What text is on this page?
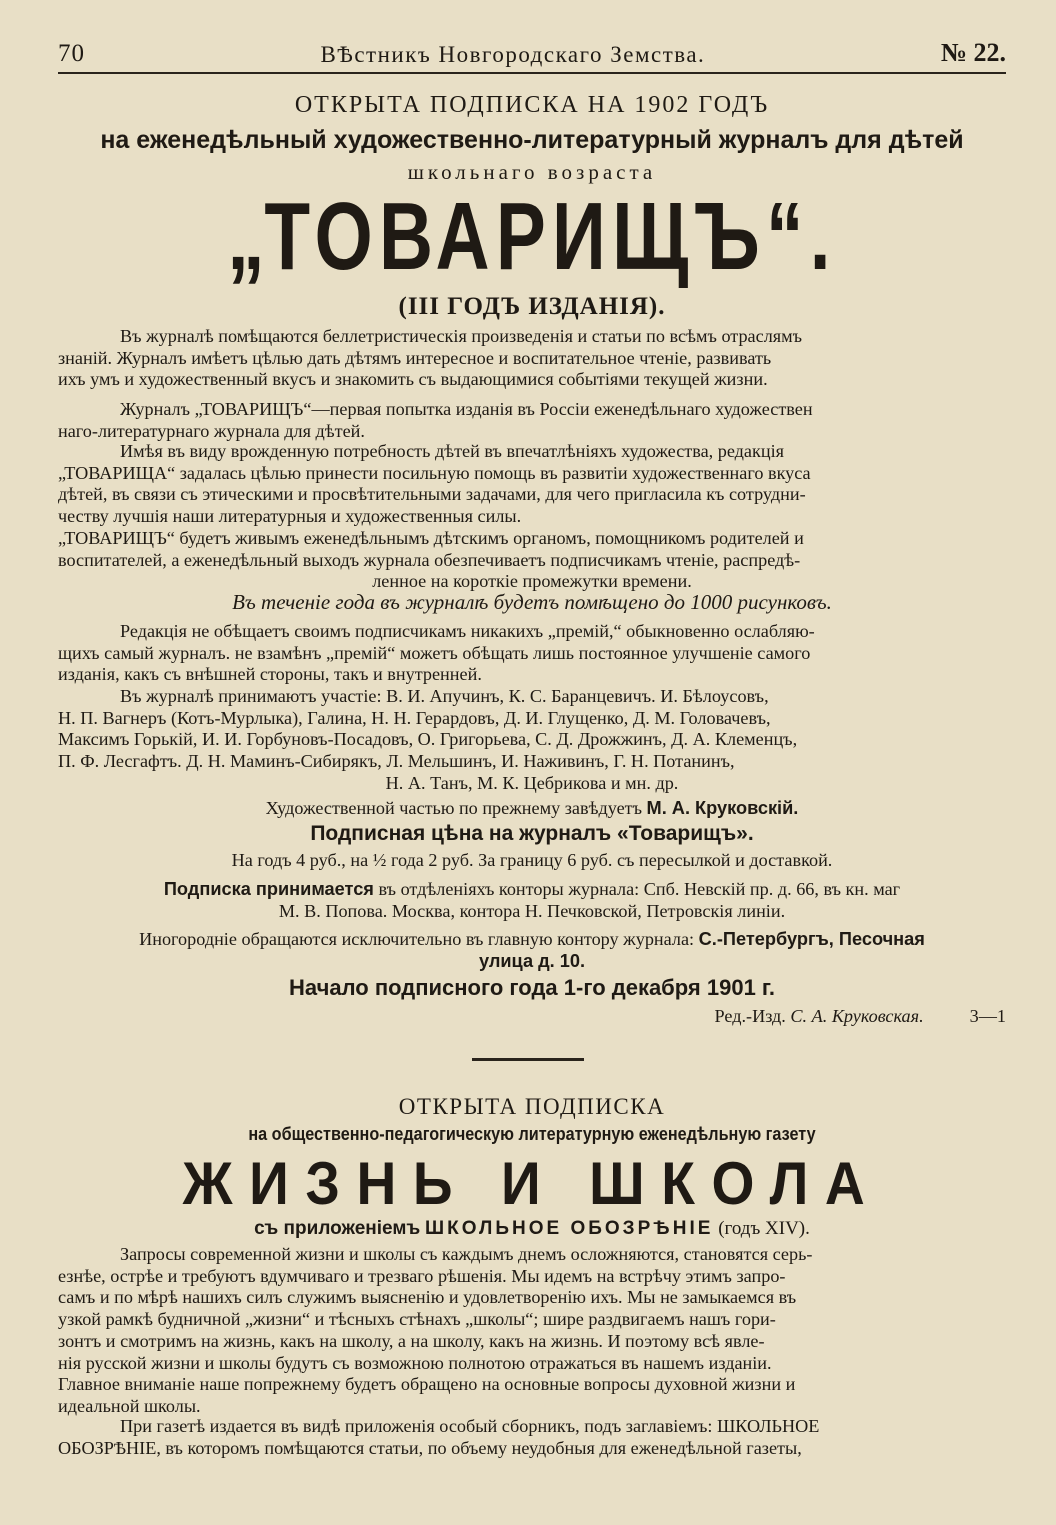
70	ВѢстникъ Новгородскаго Земства.	№ 22.
ОТКРЫТА ПОДПИСКА НА 1902 ГОДЪ
на еженедѣльный художественно-литературный журналъ для дѣтей
школьнаго возраста
„ТОВАРИЩЪ“.
(III ГОДЪ ИЗДАНІЯ).
Въ журналѣ помѣщаются беллетристическія произведенія и статьи по всѣмъ отраслямъ
знаній. Журналъ имѣетъ цѣлью дать дѣтямъ интересное и воспитательное чтеніе, развивать
ихъ умъ и художественный вкусъ и знакомить съ выдающимися событіями текущей жизни.
Журналъ „ТОВАРИЩЪ“—первая попытка изданія въ Россіи еженедѣльнаго художествен
наго-литературнаго журнала для дѣтей.
Имѣя въ виду врожденную потребность дѣтей въ впечатлѣніяхъ художества, редакція
„ТОВАРИЩА“ задалась цѣлью принести посильную помощь въ развитіи художественнаго вкуса
дѣтей, въ связи съ этическими и просвѣтительными задачами, для чего пригласила къ сотрудни-
честву лучшія наши литературныя и художественныя силы.
„ТОВАРИЩЪ“ будетъ живымъ еженедѣльнымъ дѣтскимъ органомъ, помощникомъ родителей и
воспитателей, а еженедѣльный выходъ журнала обезпечиваетъ подписчикамъ чтеніе, распредѣ-
ленное на короткіе промежутки времени.
Въ теченіе года въ журналѣ будетъ помѣщено до 1000 рисунковъ.
Редакція не обѣщаетъ своимъ подписчикамъ никакихъ „премій,“ обыкновенно ослабляю-
щихъ самый журналъ. не взамѣнъ „премій“ можетъ обѣщать лишь постоянное улучшеніе самого
изданія, какъ съ внѣшней стороны, такъ и внутренней.
Въ журналѣ принимаютъ участіе: В. И. Апучинъ, К. С. Баранцевичъ. И. Бѣлоусовъ,
Н. П. Вагнеръ (Котъ-Мурлыка), Галина, Н. Н. Герардовъ, Д. И. Глущенко, Д. М. Головачевъ,
Максимъ Горькій, И. И. Горбуновъ-Посадовъ, О. Григорьева, С. Д. Дрожжинъ, Д. А. Клеменцъ,
П. Ф. Лесгафтъ. Д. Н. Маминъ-Сибирякъ, Л. Мельшинъ, И. Наживинъ, Г. Н. Потанинъ,
Н. А. Танъ, М. К. Цебрикова и мн. др.
Художественной частью по прежнему завѣдуетъ М. А. Круковскій.
Подписная цѣна на журналъ «Товарищъ».
На годъ 4 руб., на ½ года 2 руб. За границу 6 руб. съ пересылкой и доставкой.
Подписка принимается въ отдѣленіяхъ конторы журнала: Спб. Невскій пр. д. 66, въ кн. маг
М. В. Попова. Москва, контора Н. Печковской, Петровскія линіи.
Иногородніе обращаются исключительно въ главную контору журнала: С.-Петербургъ, Песочная
улица д. 10.
Начало подписного года 1-го декабря 1901 г.
Ред.-Изд. С. А. Круковская.	3—1
ОТКРЫТА ПОДПИСКА
на общественно-педагогическую литературную еженедѣльную газету
ЖИЗНЬ И ШКОЛА
съ приложеніемъ ШКОЛЬНОЕ ОБОЗРѢНІЕ (годъ XIV).
Запросы современной жизни и школы съ каждымъ днемъ осложняются, становятся серь-
езнѣе, острѣе и требуютъ вдумчиваго и трезваго рѣшенія. Мы идемъ на встрѣчу этимъ запро-
самъ и по мѣрѣ нашихъ силъ служимъ выясненію и удовлетворенію ихъ. Мы не замыкаемся въ
узкой рамкѣ будничной „жизни“ и тѣсныхъ стѣнахъ „школы“; шире раздвигаемъ нашъ гори-
зонтъ и смотримъ на жизнь, какъ на школу, а на школу, какъ на жизнь. И поэтому всѣ явле-
нія русской жизни и школы будутъ съ возможною полнотою отражаться въ нашемъ изданіи.
Главное вниманіе наше попрежнему будетъ обращено на основные вопросы духовной жизни и
идеальной школы.
При газетѣ издается въ видѣ приложенія особый сборникъ, подъ заглавіемъ: ШКОЛЬНОЕ
ОБОЗРѢНІЕ, въ которомъ помѣщаются статьи, по объему неудобныя для еженедѣльной газеты,
